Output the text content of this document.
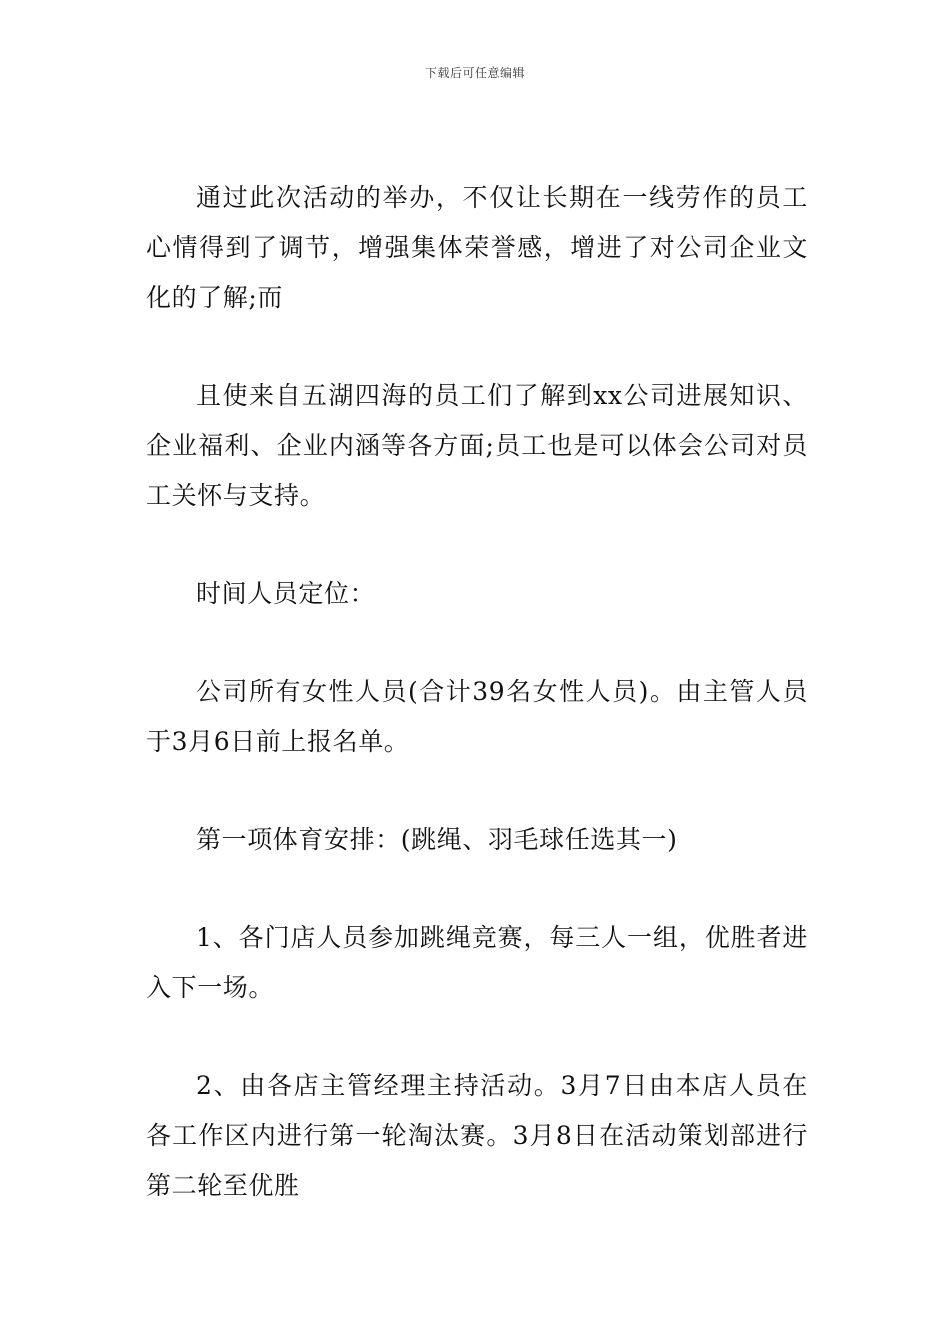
下载后可任意编辑

通过此次活动的举办，不仅让长期在一线劳作的员工心情得到了调节，增强集体荣誉感，增进了对公司企业文化的了解;而

且使来自五湖四海的员工们了解到xx公司进展知识、企业福利、企业内涵等各方面;员工也是可以体会公司对员工关怀与支持。

时间人员定位：

公司所有女性人员(合计39名女性人员)。由主管人员于3月6日前上报名单。

第一项体育安排：(跳绳、羽毛球任选其一)

1、各门店人员参加跳绳竞赛，每三人一组，优胜者进入下一场。

2、由各店主管经理主持活动。3月7日由本店人员在各工作区内进行第一轮淘汰赛。3月8日在活动策划部进行第二轮至优胜
